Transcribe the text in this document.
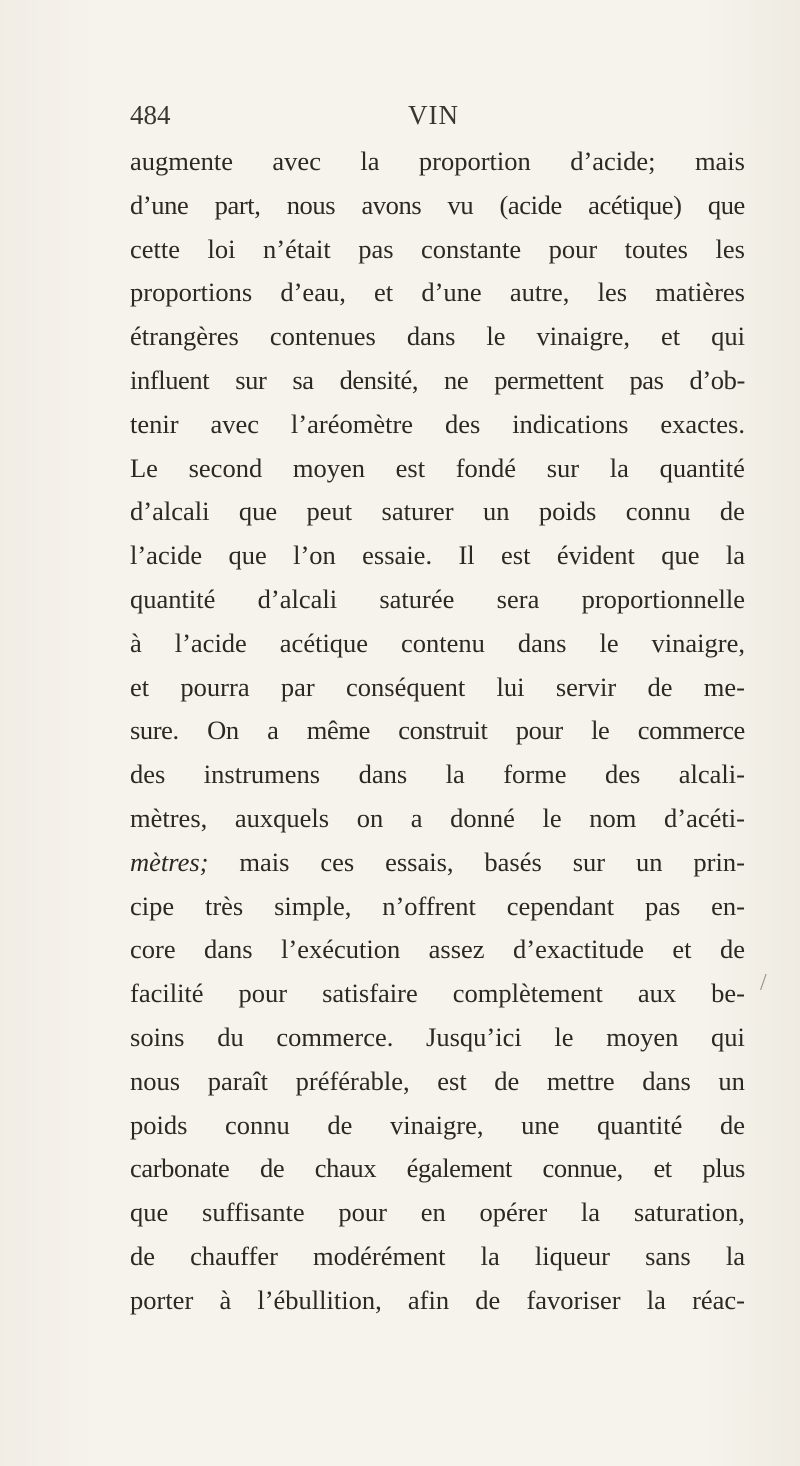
484	VIN
augmente avec la proportion d’acide; mais
d’une part, nous avons vu (acide acétique) que
cette loi n’était pas constante pour toutes les
proportions d’eau, et d’une autre, les matières
étrangères contenues dans le vinaigre, et qui
influent sur sa densité, ne permettent pas d’ob-
tenir avec l’aréomètre des indications exactes.
Le second moyen est fondé sur la quantité
d’alcali que peut saturer un poids connu de
l’acide que l’on essaie. Il est évident que la
quantité d’alcali saturée sera proportionnelle
à l’acide acétique contenu dans le vinaigre,
et pourra par conséquent lui servir de me-
sure. On a même construit pour le commerce
des instrumens dans la forme des alcali-
mètres, auxquels on a donné le nom d’acéti-
mètres; mais ces essais, basés sur un prin-
cipe très simple, n’offrent cependant pas en-
core dans l’exécution assez d’exactitude et de
facilité pour satisfaire complètement aux be-
soins du commerce. Jusqu’ici le moyen qui
nous paraît préférable, est de mettre dans un
poids connu de vinaigre, une quantité de
carbonate de chaux également connue, et plus
que suffisante pour en opérer la saturation,
de chauffer modérément la liqueur sans la
porter à l’ébullition, afin de favoriser la réac-
/
